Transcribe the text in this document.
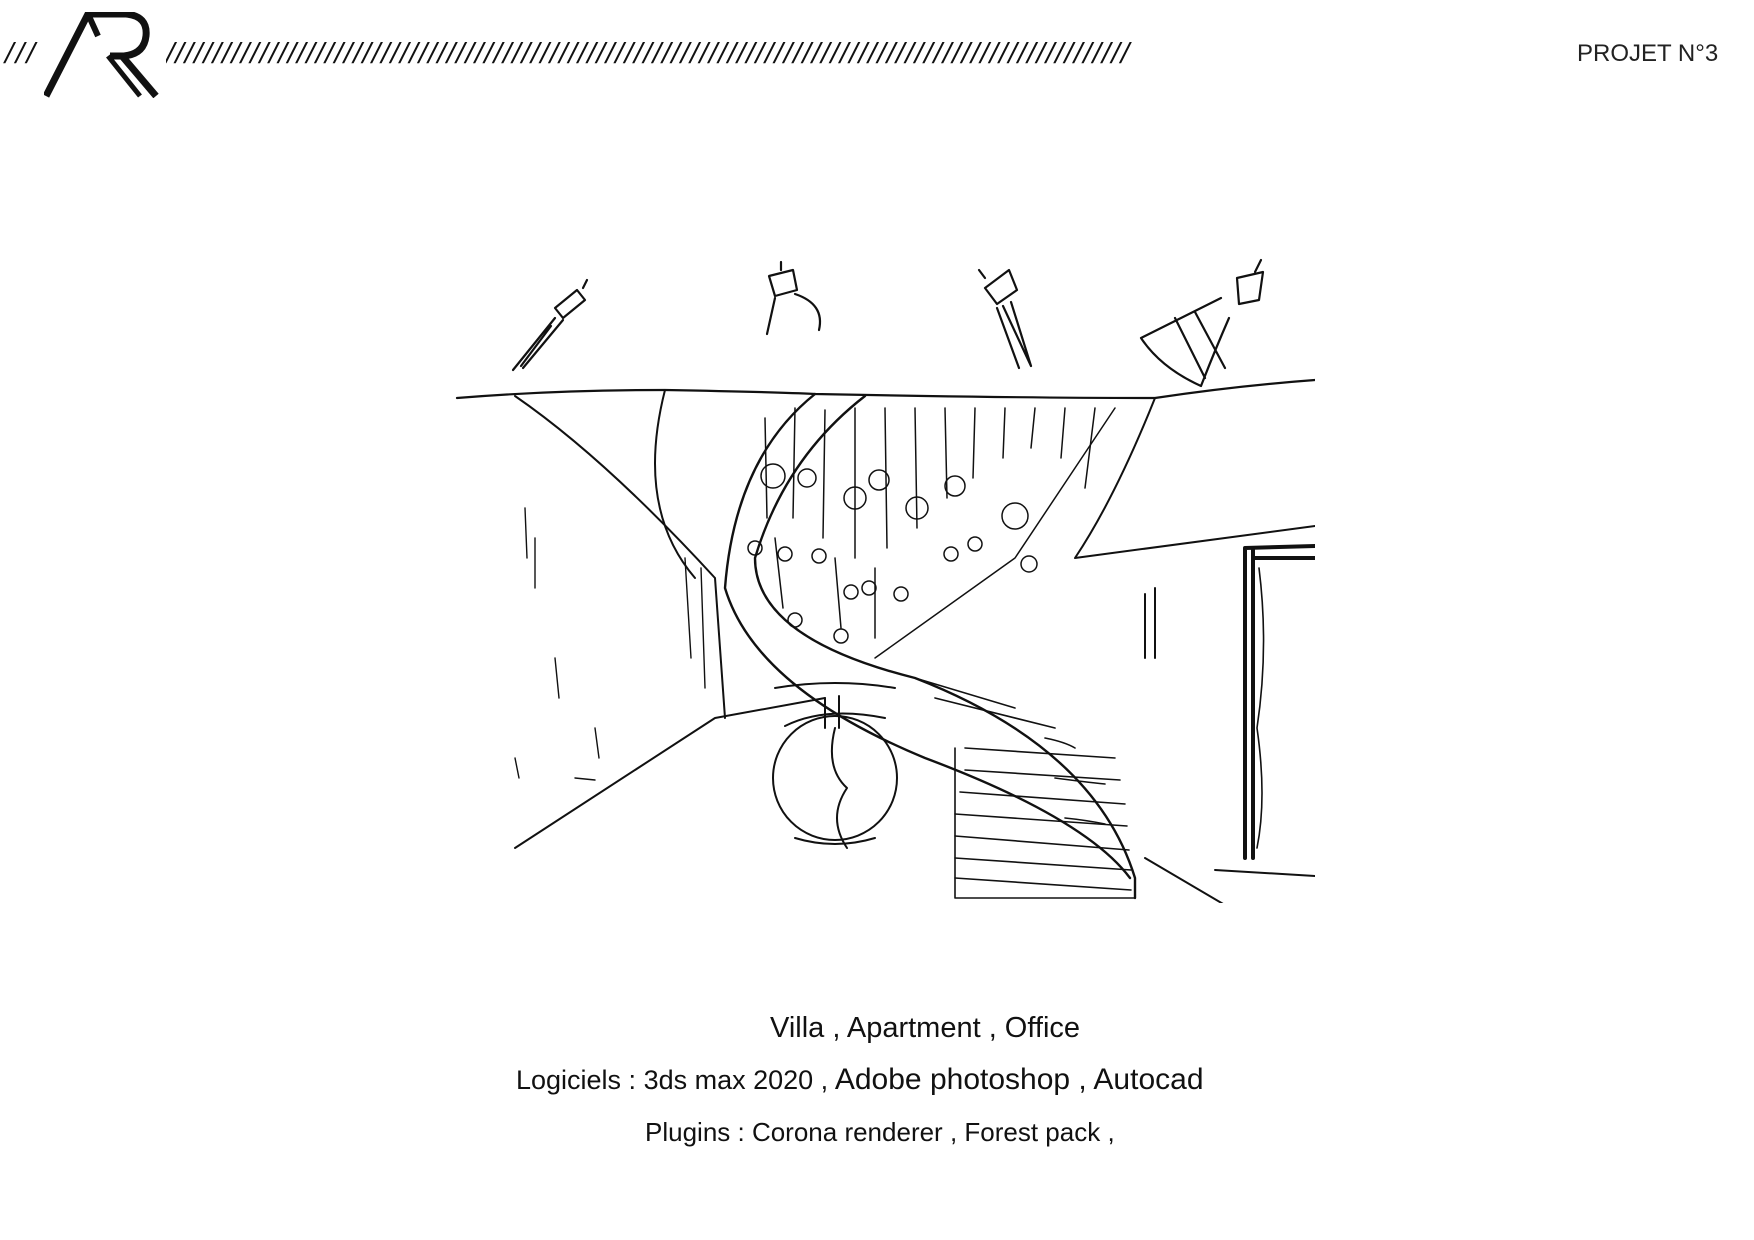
///	///////////////////////////////////////////////////////////////////////////////////////////////////////	PROJET N°3
Villa , Apartment , Office
Logiciels : 3ds max 2020 , Adobe photoshop , Autocad
Plugins : Corona renderer , Forest pack ,
